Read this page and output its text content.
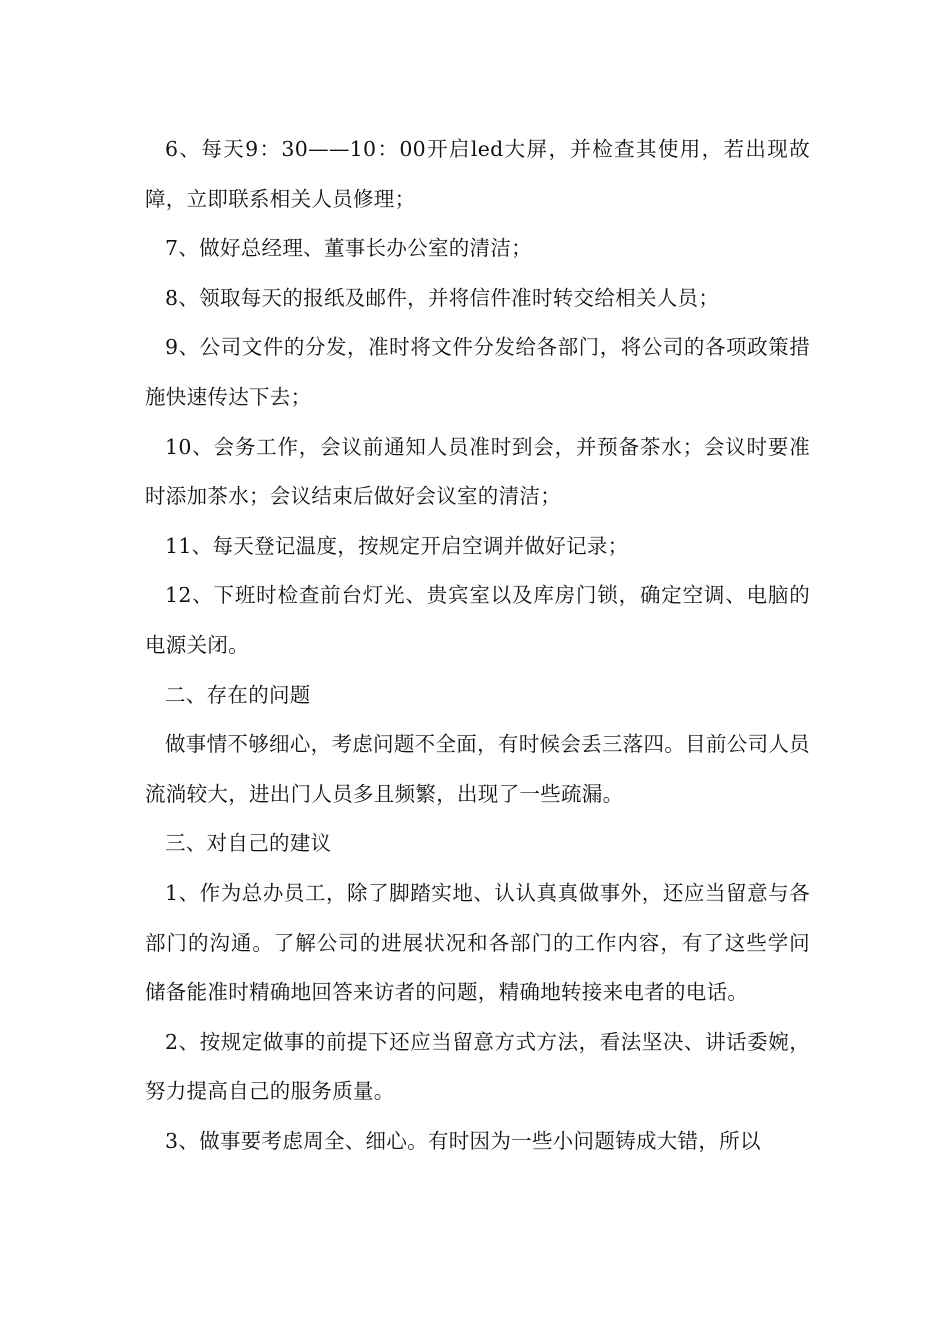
6、每天9：30——10：00开启led大屏，并检查其使用，若出现故障，立即联系相关人员修理；

7、做好总经理、董事长办公室的清洁；

8、领取每天的报纸及邮件，并将信件准时转交给相关人员；

9、公司文件的分发，准时将文件分发给各部门，将公司的各项政策措施快速传达下去；

10、会务工作，会议前通知人员准时到会，并预备茶水；会议时要准时添加茶水；会议结束后做好会议室的清洁；

11、每天登记温度，按规定开启空调并做好记录；

12、下班时检查前台灯光、贵宾室以及库房门锁，确定空调、电脑的电源关闭。

二、存在的问题

做事情不够细心，考虑问题不全面，有时候会丢三落四。目前公司人员流淌较大，进出门人员多且频繁，出现了一些疏漏。

三、对自己的建议

1、作为总办员工，除了脚踏实地、认认真真做事外，还应当留意与各部门的沟通。了解公司的进展状况和各部门的工作内容，有了这些学问储备能准时精确地回答来访者的问题，精确地转接来电者的电话。

2、按规定做事的前提下还应当留意方式方法，看法坚决、讲话委婉，努力提高自己的服务质量。

3、做事要考虑周全、细心。有时因为一些小问题铸成大错，所以
